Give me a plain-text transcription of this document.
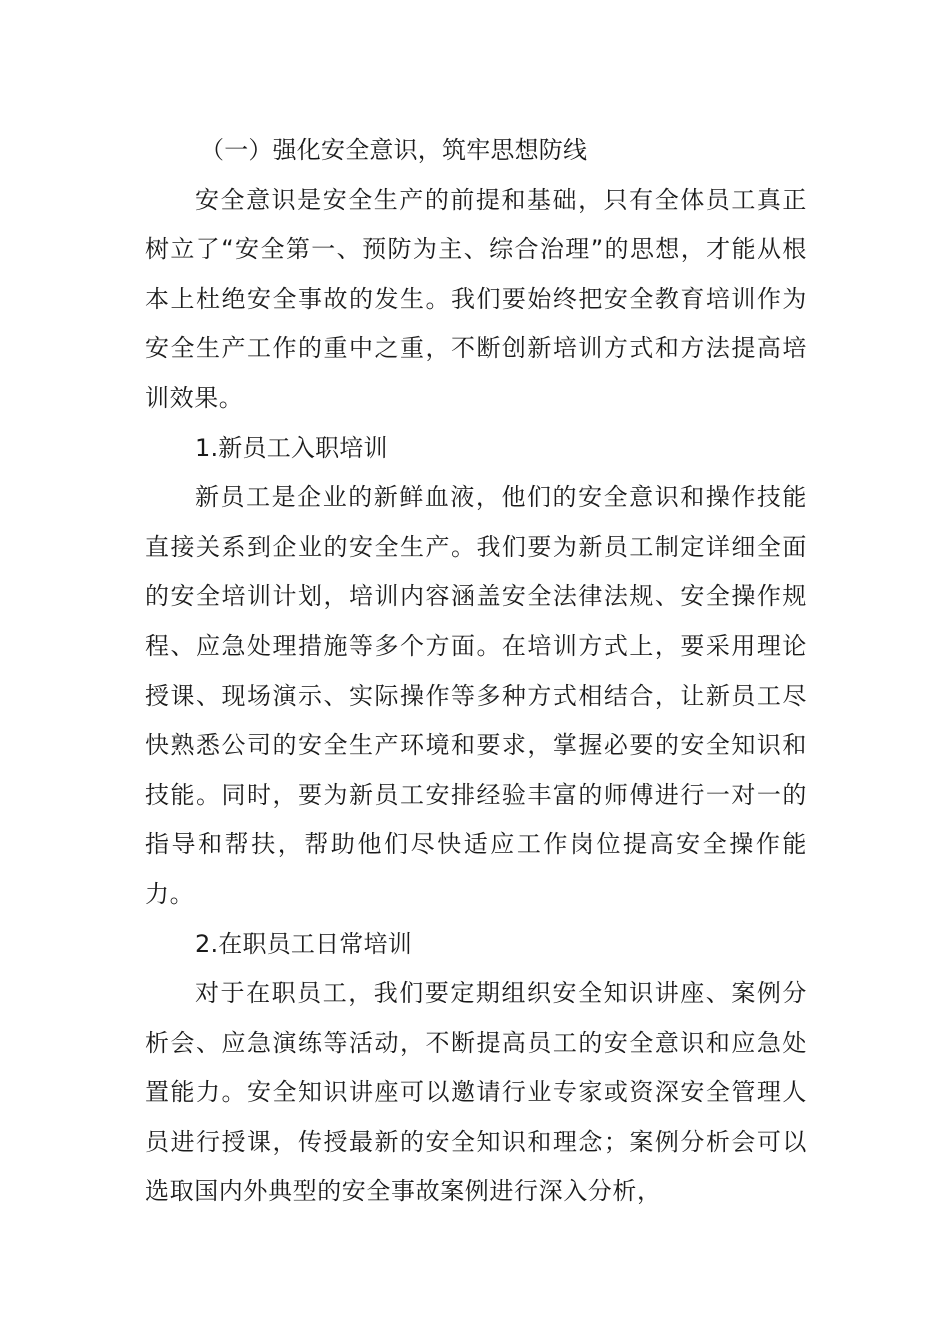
（一）强化安全意识，筑牢思想防线

安全意识是安全生产的前提和基础，只有全体员工真正树立了“安全第一、预防为主、综合治理”的思想，才能从根本上杜绝安全事故的发生。我们要始终把安全教育培训作为安全生产工作的重中之重，不断创新培训方式和方法提高培训效果。

1.新员工入职培训

新员工是企业的新鲜血液，他们的安全意识和操作技能直接关系到企业的安全生产。我们要为新员工制定详细全面的安全培训计划，培训内容涵盖安全法律法规、安全操作规程、应急处理措施等多个方面。在培训方式上，要采用理论授课、现场演示、实际操作等多种方式相结合，让新员工尽快熟悉公司的安全生产环境和要求，掌握必要的安全知识和技能。同时，要为新员工安排经验丰富的师傅进行一对一的指导和帮扶，帮助他们尽快适应工作岗位提高安全操作能力。

2.在职员工日常培训

对于在职员工，我们要定期组织安全知识讲座、案例分析会、应急演练等活动，不断提高员工的安全意识和应急处置能力。安全知识讲座可以邀请行业专家或资深安全管理人员进行授课，传授最新的安全知识和理念；案例分析会可以选取国内外典型的安全事故案例进行深入分析，
